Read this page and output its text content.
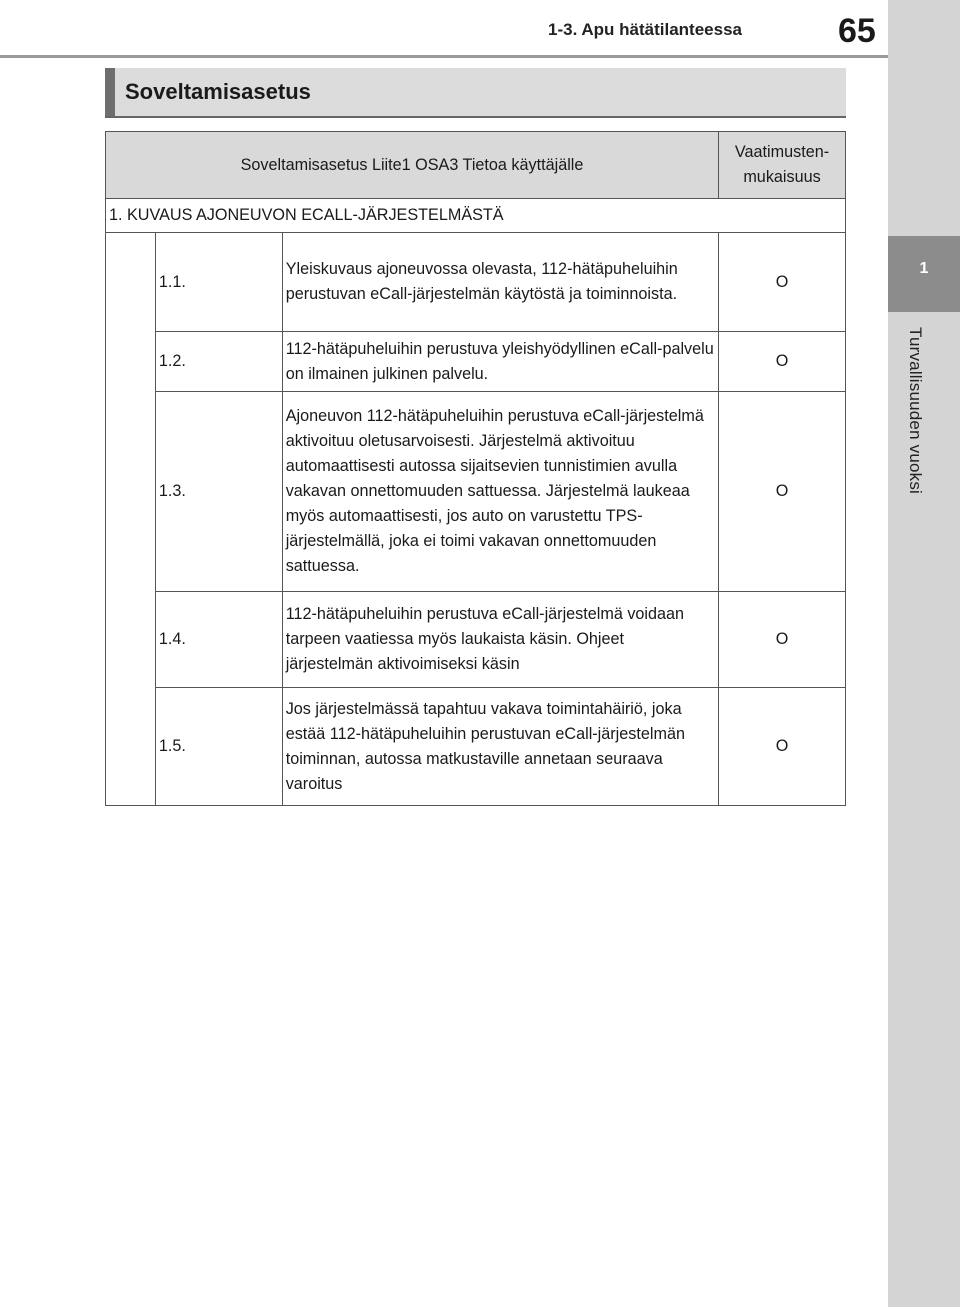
1-3. Apu hätätilanteessa	65
1
Turvallisuuden vuoksi
Soveltamisasetus
Soveltamisasetus Liite1 OSA3 Tietoa käyttäjälle			Vaatimusten-mukaisuus
1. KUVAUS AJONEUVON ECALL-JÄRJESTELMÄSTÄ			
	1.1.	Yleiskuvaus ajoneuvossa olevasta, 112-hätäpuheluihin perustuvan eCall-järjestelmän käytöstä ja toiminnoista.	O
	1.2.	112-hätäpuheluihin perustuva yleishyödyllinen eCall-palvelu on ilmainen julkinen palvelu.	O
	1.3.	Ajoneuvon 112-hätäpuheluihin perustuva eCall-järjestelmä aktivoituu oletusarvoisesti. Järjestelmä aktivoituu automaattisesti autossa sijaitsevien tunnistimien avulla vakavan onnettomuuden sattuessa. Järjestelmä laukeaa myös automaattisesti, jos auto on varustettu TPS-järjestelmällä, joka ei toimi vakavan onnettomuuden sattuessa.	O
	1.4.	112-hätäpuheluihin perustuva eCall-järjestelmä voidaan tarpeen vaatiessa myös laukaista käsin. Ohjeet järjestelmän aktivoimiseksi käsin	O
	1.5.	Jos järjestelmässä tapahtuu vakava toimintahäiriö, joka estää 112-hätäpuheluihin perustuvan eCall-järjestelmän toiminnan, autossa matkustaville annetaan seuraava varoitus	O
